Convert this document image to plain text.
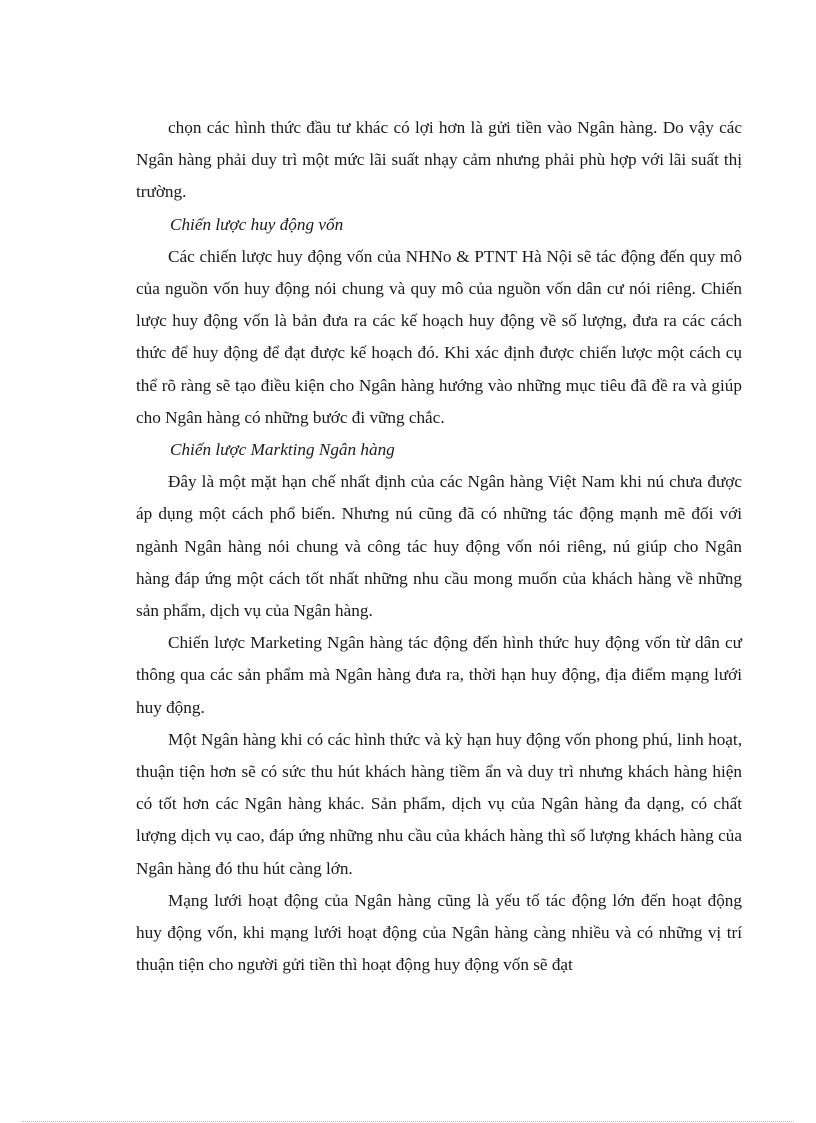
chọn các hình thức đầu tư khác có lợi hơn là gửi tiền vào Ngân hàng. Do vậy các Ngân hàng phải duy trì một mức lãi suất nhạy cảm nhưng phải phù hợp với lãi suất thị trường.

Chiến lược huy động vốn

Các chiến lược huy động vốn của NHNo & PTNT Hà Nội sẽ tác động đến quy mô của nguồn vốn huy động nói chung và quy mô của nguồn vốn dân cư nói riêng. Chiến lược huy động vốn là bản đưa ra các kế hoạch huy động về số lượng, đưa ra các cách thức để huy động để đạt được kế hoạch đó. Khi xác định được chiến lược một cách cụ thể rõ ràng sẽ tạo điều kiện cho Ngân hàng hướng vào những mục tiêu đã đề ra và giúp cho Ngân hàng có những bước đi vững chắc.

Chiến lược Markting Ngân hàng

Đây là một mặt hạn chế nhất định của các Ngân hàng Việt Nam khi nú chưa được áp dụng một cách phổ biến. Nhưng nú cũng đã có những tác động mạnh mẽ đối với ngành Ngân hàng nói chung và công tác huy động vốn nói riêng, nú giúp cho Ngân hàng đáp ứng một cách tốt nhất những nhu cầu mong muốn của khách hàng về những sản phẩm, dịch vụ của Ngân hàng.

Chiến lược Marketing Ngân hàng tác động đến hình thức huy động vốn từ dân cư thông qua các sản phẩm mà Ngân hàng đưa ra, thời hạn huy động, địa điểm mạng lưới huy động.

Một Ngân hàng khi có các hình thức và kỳ hạn huy động vốn phong phú, linh hoạt, thuận tiện hơn sẽ có sức thu hút khách hàng tiềm ẩn và duy trì nhưng khách hàng hiện có tốt hơn các Ngân hàng khác. Sản phẩm, dịch vụ của Ngân hàng đa dạng, có chất lượng dịch vụ cao, đáp ứng những nhu cầu của khách hàng thì số lượng khách hàng của Ngân hàng đó thu hút càng lớn.

Mạng lưới hoạt động của Ngân hàng cũng là yếu tố tác động lớn đến hoạt động huy động vốn, khi mạng lưới hoạt động của Ngân hàng càng nhiều và có những vị trí thuận tiện cho người gửi tiền thì hoạt động huy động vốn sẽ đạt
